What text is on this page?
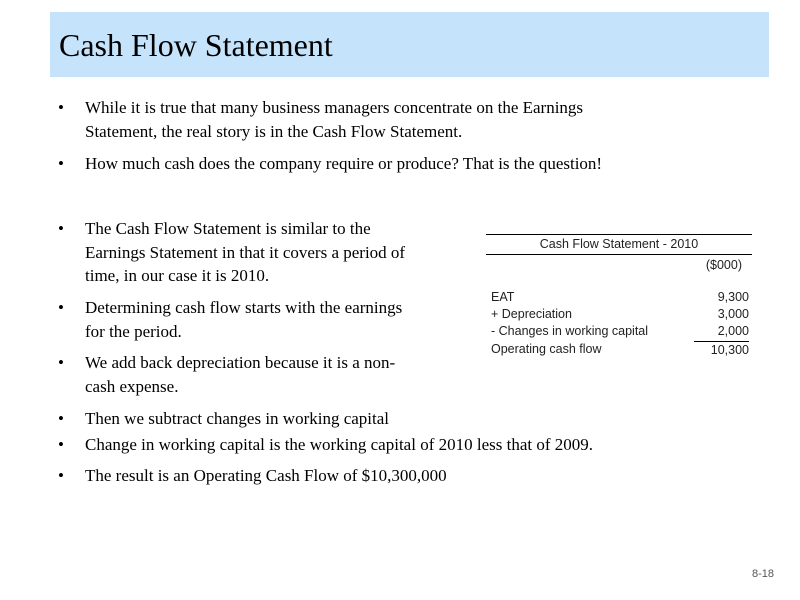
Cash Flow Statement
• While it is true that many business managers concentrate on the Earnings
Statement, the real story is in the Cash Flow Statement.
• How much cash does the company require or produce? That is the question!
• The Cash Flow Statement is similar to the
Earnings Statement in that it covers a period of
time, in our case it is 2010.
• Determining cash flow starts with the earnings
for the period.
• We add back depreciation because it is a non-
cash expense.
• Then we subtract changes in working capital
• Change in working capital is the working capital of 2010 less that of 2009.
• The result is an Operating Cash Flow of $10,300,000
Cash Flow Statement - 2010
($000)
EAT	9,300
+ Depreciation	3,000
- Changes in working capital	2,000
Operating cash flow	10,300
8-18
